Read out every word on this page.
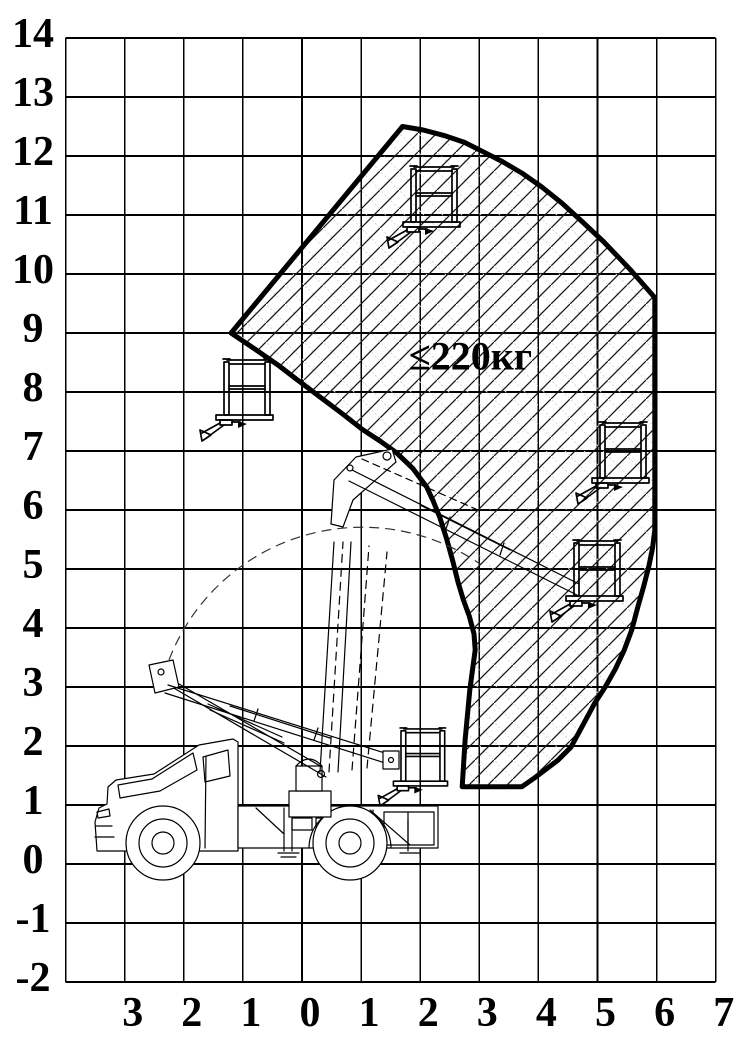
3 2 1 0 1 2 3 4 5 6 7
14
13
12
11
10
9
8
7
6
5
4
3
2
1
0
-1
-2
≤220кг
